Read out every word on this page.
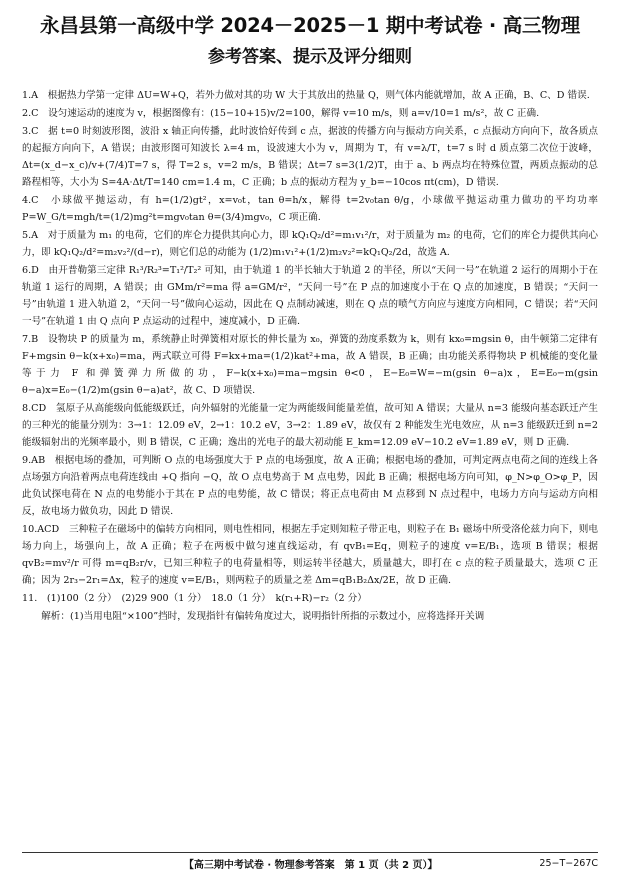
永昌县第一高级中学 2024－2025－1 期中考试卷 · 高三物理
参考答案、提示及评分细则
1.A　 根据热力学第一定律 ΔU=W+Q，若外力做对其的功 W 大于其放出的热量 Q，则气体内能就增加，故 A 正确，B、C、D 错误.
2.C　 设匀速运动的速度为 v，根据图像有：(15−10+15)v/2=100，解得 v=10 m/s，则 a=v/10=1 m/s²，故 C 正确.
3.C　 据 t=0 时刻波形图，波沿 x 轴正向传播，此时波恰好传到 c 点，据波的传播方向与振动方向关系，c 点振动方向向下，故各质点的起振方向向下，A 错误；由波形图可知波长 λ=4 m，设波速大小为 v，周期为 T，有 v=λ/T，t=7 s 时 d 质点第二次位于波峰，Δt=(x_d−x_c)/v+(7/4)T=7 s，得 T=2 s，v=2 m/s，B 错误；Δt=7 s=3(1/2)T，由于 a、b 两点均在特殊位置，两质点振动的总路程相等，大小为 S=4A·Δt/T=140 cm=1.4 m，C 正确；b 点的振动方程为 y_b=−10cos πt(cm)，D 错误.
4.C　 小球做平抛运动，有 h=(1/2)gt²，x=v₀t，tan θ=h/x，解得 t=2v₀tan θ/g，小球做平抛运动重力做功的平均功率 P=W_G/t=mgh/t=(1/2)mg²t=mgv₀tan θ=(3/4)mgv₀，C 项正确.
5.A　 对于质量为 m₁ 的电荷，它们的库仑力提供其向心力，即 kQ₁Q₂/d²=m₁v₁²/r，对于质量为 m₂ 的电荷，它们的库仑力提供其向心力，即 kQ₁Q₂/d²=m₂v₂²/(d−r)，则它们总的动能为 (1/2)m₁v₁²+(1/2)m₂v₂²=kQ₁Q₂/2d，故选 A.
6.D　 由开普勒第三定律 R₁³/R₂³=T₁²/T₂² 可知，由于轨道 1 的半长轴大于轨道 2 的半径，所以“天问一号”在轨道 2 运行的周期小于在轨道 1 运行的周期，A 错误；由 GMm/r²=ma 得 a=GM/r²，“天问一号”在 P 点的加速度小于在 Q 点的加速度，B 错误；“天问一号”由轨道 1 进入轨道 2，“天问一号”做向心运动，因此在 Q 点制动减速，则在 Q 点的喷气方向应与速度方向相同，C 错误；若“天问一号”在轨道 1 由 Q 点向 P 点运动的过程中，速度减小，D 正确.
7.B　 设物块 P 的质量为 m，系统静止时弹簧相对原长的伸长量为 x₀，弹簧的劲度系数为 k，则有 kx₀=mgsin θ，由牛顿第二定律有 F+mgsin θ−k(x+x₀)=ma，两式联立可得 F=kx+ma=(1/2)kat²+ma，故 A 错误，B 正确；由功能关系得物块 P 机械能的变化量等于力 F 和弹簧弹力所做的功，F−k(x+x₀)=ma−mgsin θ<0，E−E₀=W=−m(gsin θ−a)x，E=E₀−m(gsin θ−a)x=E₀−(1/2)m(gsin θ−a)at²，故 C、D 项错误.
8.CD　 氢原子从高能级向低能级跃迁，向外辐射的光能量一定为两能级间能量差值，故可知 A 错误；大量从 n=3 能级向基态跃迁产生的三种光的能量分别为：3→1：12.09 eV，2→1：10.2 eV，3→2：1.89 eV，故仅有 2 种能发生光电效应，从 n=3 能级跃迁到 n=2 能级辐射出的光频率最小，则 B 错误，C 正确；逸出的光电子的最大初动能 E_km=12.09 eV−10.2 eV=1.89 eV，则 D 正确.
9.AB　 根据电场的叠加，可判断 O 点的电场强度大于 P 点的电场强度，故 A 正确；根据电场的叠加，可判定两点电荷之间的连线上各点场强方向沿着两点电荷连线由 +Q 指向 −Q，故 O 点电势高于 M 点电势，因此 B 正确；根据电场方向可知，φ_N>φ_O>φ_P，因此负试探电荷在 N 点的电势能小于其在 P 点的电势能，故 C 错误；将正点电荷由 M 点移到 N 点过程中，电场力方向与运动方向相反，故电场力做负功，因此 D 错误.
10.ACD　 三种粒子在磁场中的偏转方向相同，则电性相同，根据左手定则知粒子带正电，则粒子在 B₁ 磁场中所受洛伦兹力向下，则电场力向上，场强向上，故 A 正确；粒子在两板中做匀速直线运动，有 qvB₁=Eq，则粒子的速度 v=E/B₁，选项 B 错误；根据 qvB₂=mv²/r 可得 m=qB₂r/v，已知三种粒子的电荷量相等，则运转半径越大，质量越大，即打在 c 点的粒子质量最大，选项 C 正确；因为 2r₃−2r₁=Δx，粒子的速度 v=E/B₁，则两粒子的质量之差 Δm=qB₁B₂Δx/2E，故 D 正确.
11.　 (1)100（2 分）　(2)29 900（1 分）　18.0（1 分）　k(r₁+R)−r₂（2 分）
　　解析：(1)当用电阻“×100”挡时，发现指针有偏转角度过大，说明指针所指的示数过小，应将选择开关调
【高三期中考试卷 · 物理参考答案　第 1 页（共 2 页）】	25−T−267C
